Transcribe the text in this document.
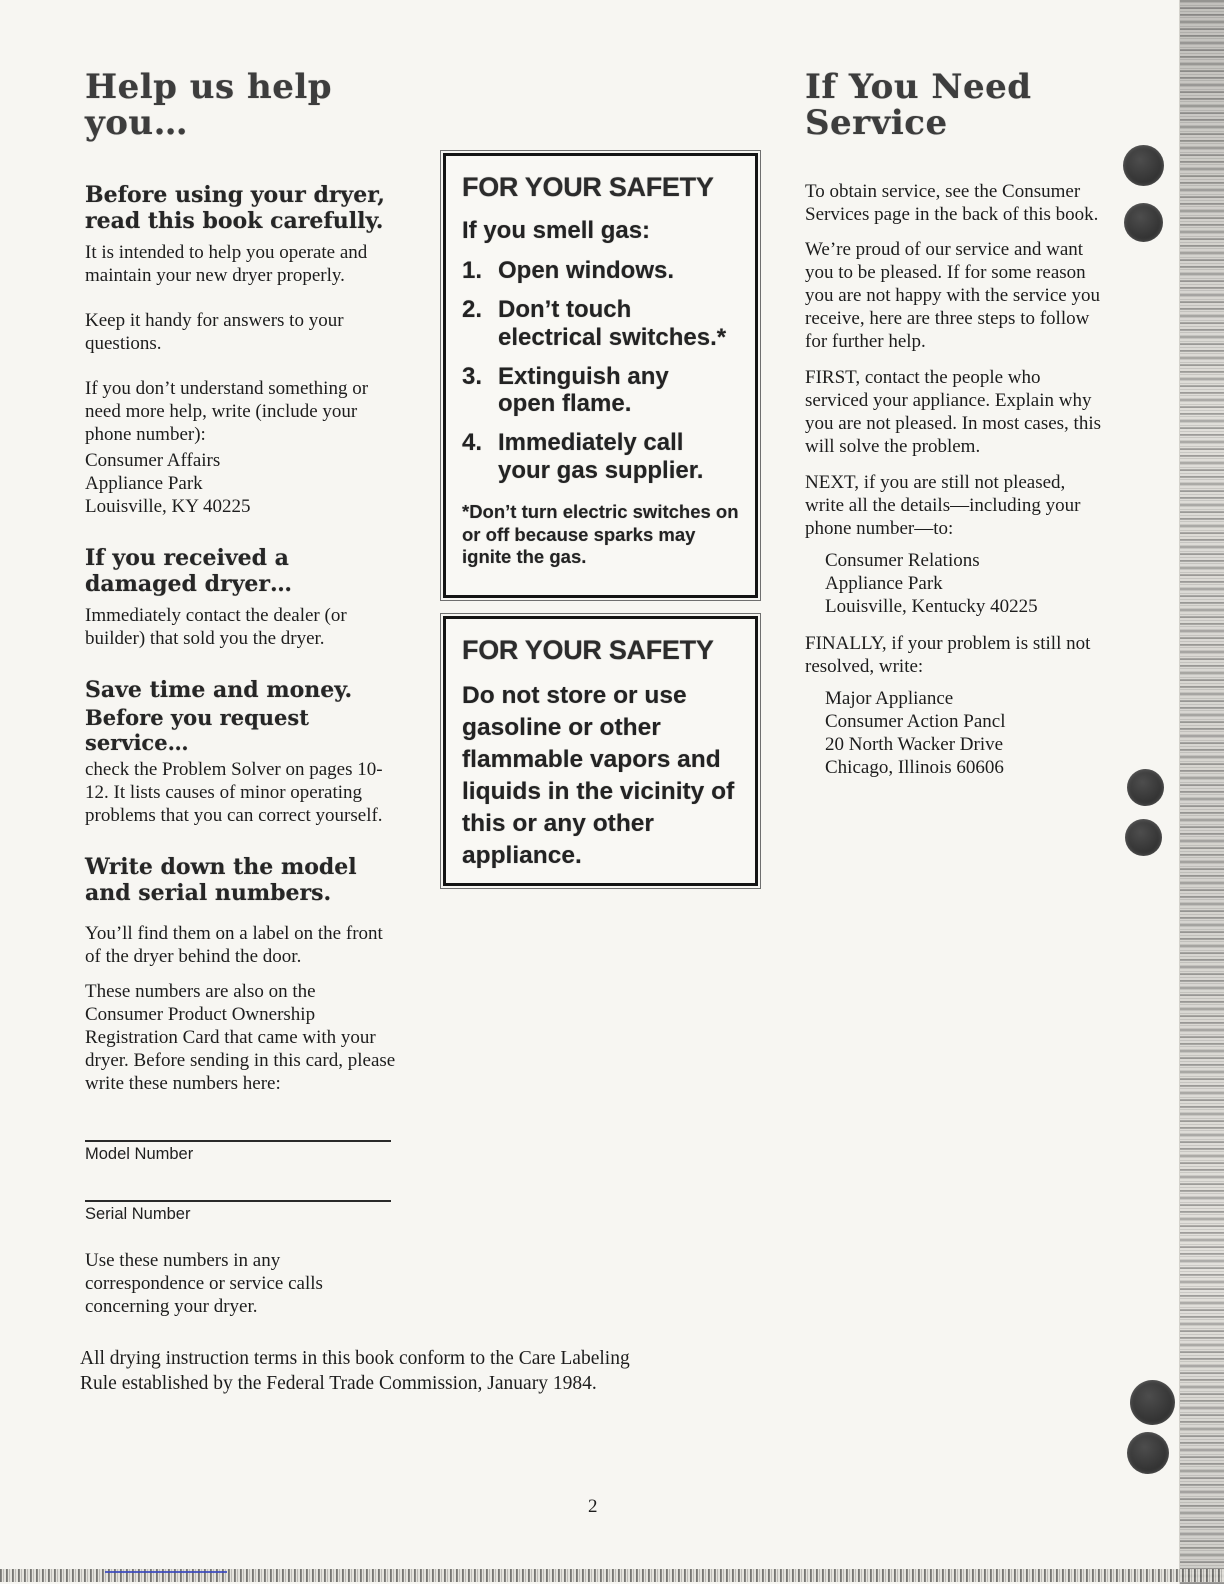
Help us help you…
Before using your dryer,
read this book carefully.

It is intended to help you operate and maintain your new dryer properly.

Keep it handy for answers to your questions.

If you don’t understand something or need more help, write (include your phone number):

Consumer Affairs
Appliance Park
Louisville, KY 40225
If you received a
damaged dryer…

Immediately contact the dealer (or builder) that sold you the dryer.

Save time and money.
Before you request service…

check the Problem Solver on pages 10-12. It lists causes of minor operating problems that you can correct yourself.

Write down the model
and serial numbers.

You’ll find them on a label on the front of the dryer behind the door.

These numbers are also on the Consumer Product Ownership Registration Card that came with your dryer. Before sending in this card, please write these numbers here:

Model Number
Serial Number

Use these numbers in any correspondence or service calls concerning your dryer.

FOR YOUR SAFETY
If you smell gas:
1. Open windows.
2. Don’t touch
electrical switches.*
3. Extinguish any
open flame.
4. Immediately call
your gas supplier.
*Don’t turn electric switches on or off because sparks may ignite the gas.
FOR YOUR SAFETY
Do not store or use gasoline or other flammable vapors and liquids in the vicinity of this or any other appliance.
If You Need Service

To obtain service, see the Consumer Services page in the back of this book.

We’re proud of our service and want you to be pleased. If for some reason you are not happy with the service you receive, here are three steps to follow for further help.

FIRST, contact the people who serviced your appliance. Explain why you are not pleased. In most cases, this will solve the problem.

NEXT, if you are still not pleased, write all the details—including your phone number—to:

Consumer Relations
Appliance Park
Louisville, Kentucky 40225

FINALLY, if your problem is still not resolved, write:

Major Appliance
Consumer Action Pancl
20 North Wacker Drive
Chicago, Illinois 60606
All drying instruction terms in this book conform to the Care Labeling
Rule established by the Federal Trade Commission, January 1984.
2
